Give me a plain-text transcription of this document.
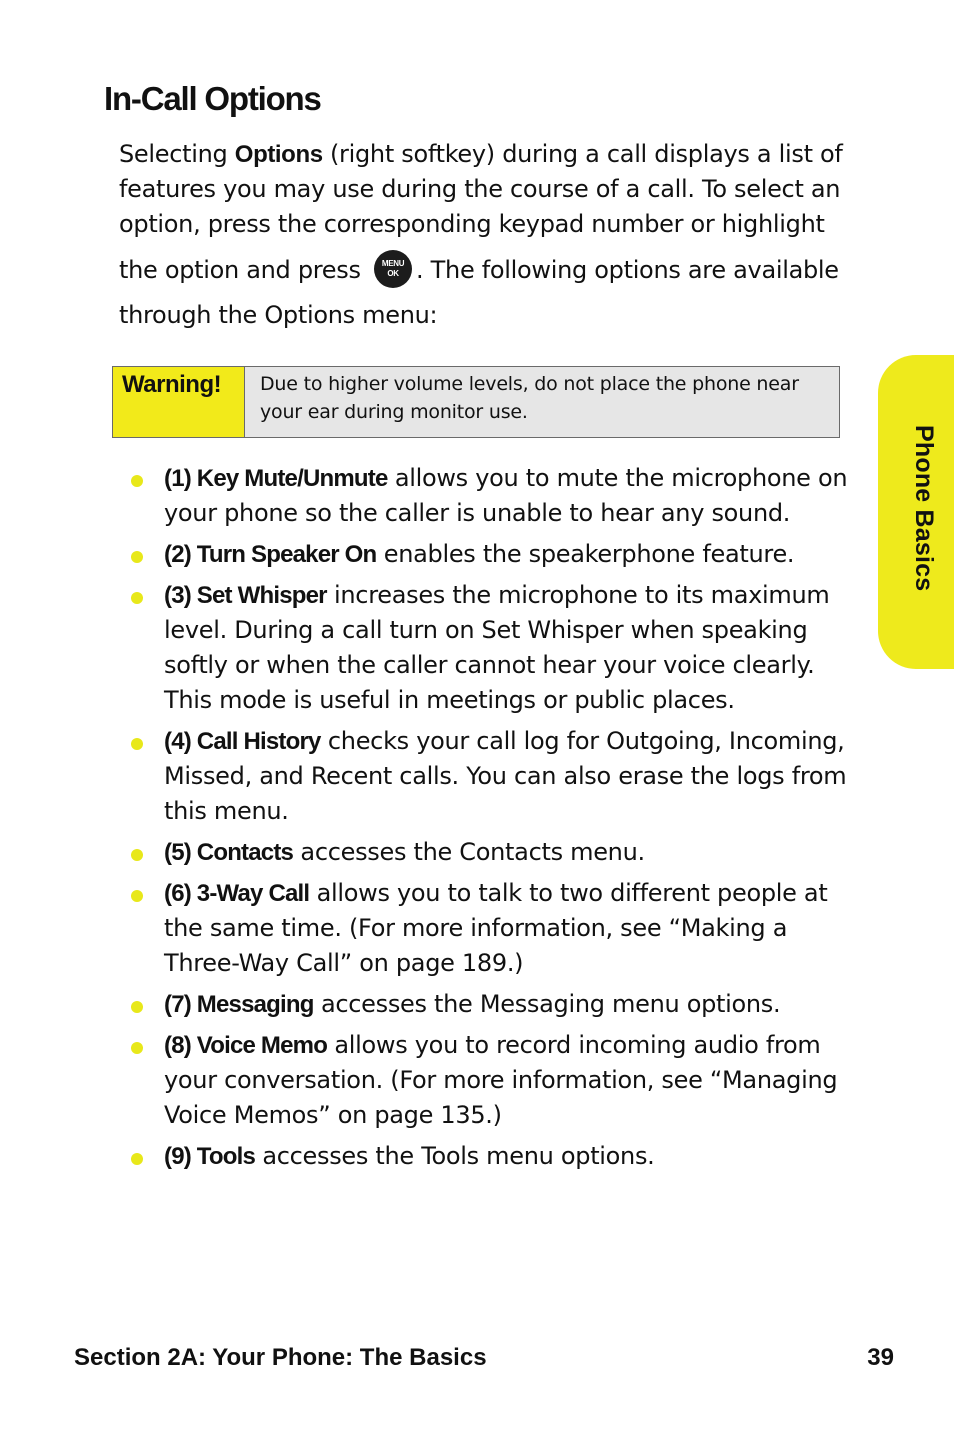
In-Call Options

Selecting Options (right softkey) during a call displays a list of features you may use during the course of a call. To select an option, press the corresponding keypad number or highlight
the option and press	MENU
OK . The following options are available
through the Options menu:

Warning!	Due to higher volume levels, do not place the phone near your ear during monitor use.
(1) Key Mute/Unmute allows you to mute the microphone on your phone so the caller is unable to hear any sound.
(2) Turn Speaker On enables the speakerphone feature.
(3) Set Whisper increases the microphone to its maximum level. During a call turn on Set Whisper when speaking softly or when the caller cannot hear your voice clearly. This mode is useful in meetings or public places.
(4) Call History checks your call log for Outgoing, Incoming, Missed, and Recent calls. You can also erase the logs from this menu.
(5) Contacts accesses the Contacts menu.
(6) 3-Way Call allows you to talk to two different people at the same time. (For more information, see “Making a Three-Way Call” on page 189.)
(7) Messaging accesses the Messaging menu options.
(8) Voice Memo allows you to record incoming audio from your conversation. (For more information, see “Managing Voice Memos” on page 135.)
(9) Tools accesses the Tools menu options.
Phone Basics
Section 2A: Your Phone: The Basics	39
